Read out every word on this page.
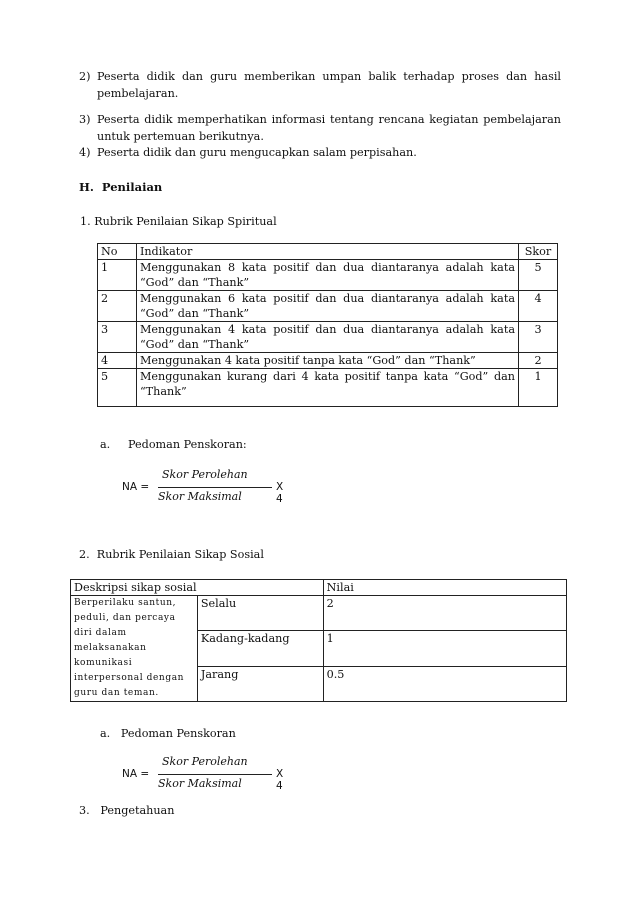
2) Peserta didik dan guru memberikan umpan balik terhadap proses dan hasil pembelajaran.
3) Peserta didik memperhatikan informasi tentang rencana kegiatan pembelajaran untuk pertemuan berikutnya.
4) Peserta didik dan guru mengucapkan salam perpisahan.
H. Penilaian
1. Rubrik Penilaian Sikap Spiritual
No	Indikator	Skor
1	Menggunakan 8 kata positif dan dua diantaranya adalah kata “God” dan “Thank”	5
2	Menggunakan 6 kata positif dan dua diantaranya adalah kata “God” dan “Thank”	4
3	Menggunakan 4 kata positif dan dua diantaranya adalah kata “God” dan “Thank”	3
4	Menggunakan 4 kata positif tanpa kata “God” dan “Thank”	2
5	Menggunakan kurang dari 4 kata positif tanpa kata “God” dan “Thank”	1
a.     Pedoman Penskoran:
NA =
Skor Perolehan
Skor Maksimal
X 4
2.  Rubrik Penilaian Sikap Sosial
Deskripsi sikap sosial		Nilai
Berperilaku santun, peduli, dan percaya diri dalam melaksanakan komunikasi interpersonal dengan guru dan teman.	Selalu	2
	Kadang-kadang	1
	Jarang	0.5
a.   Pedoman Penskoran
NA =
Skor Perolehan
Skor Maksimal
X 4
3.   Pengetahuan
